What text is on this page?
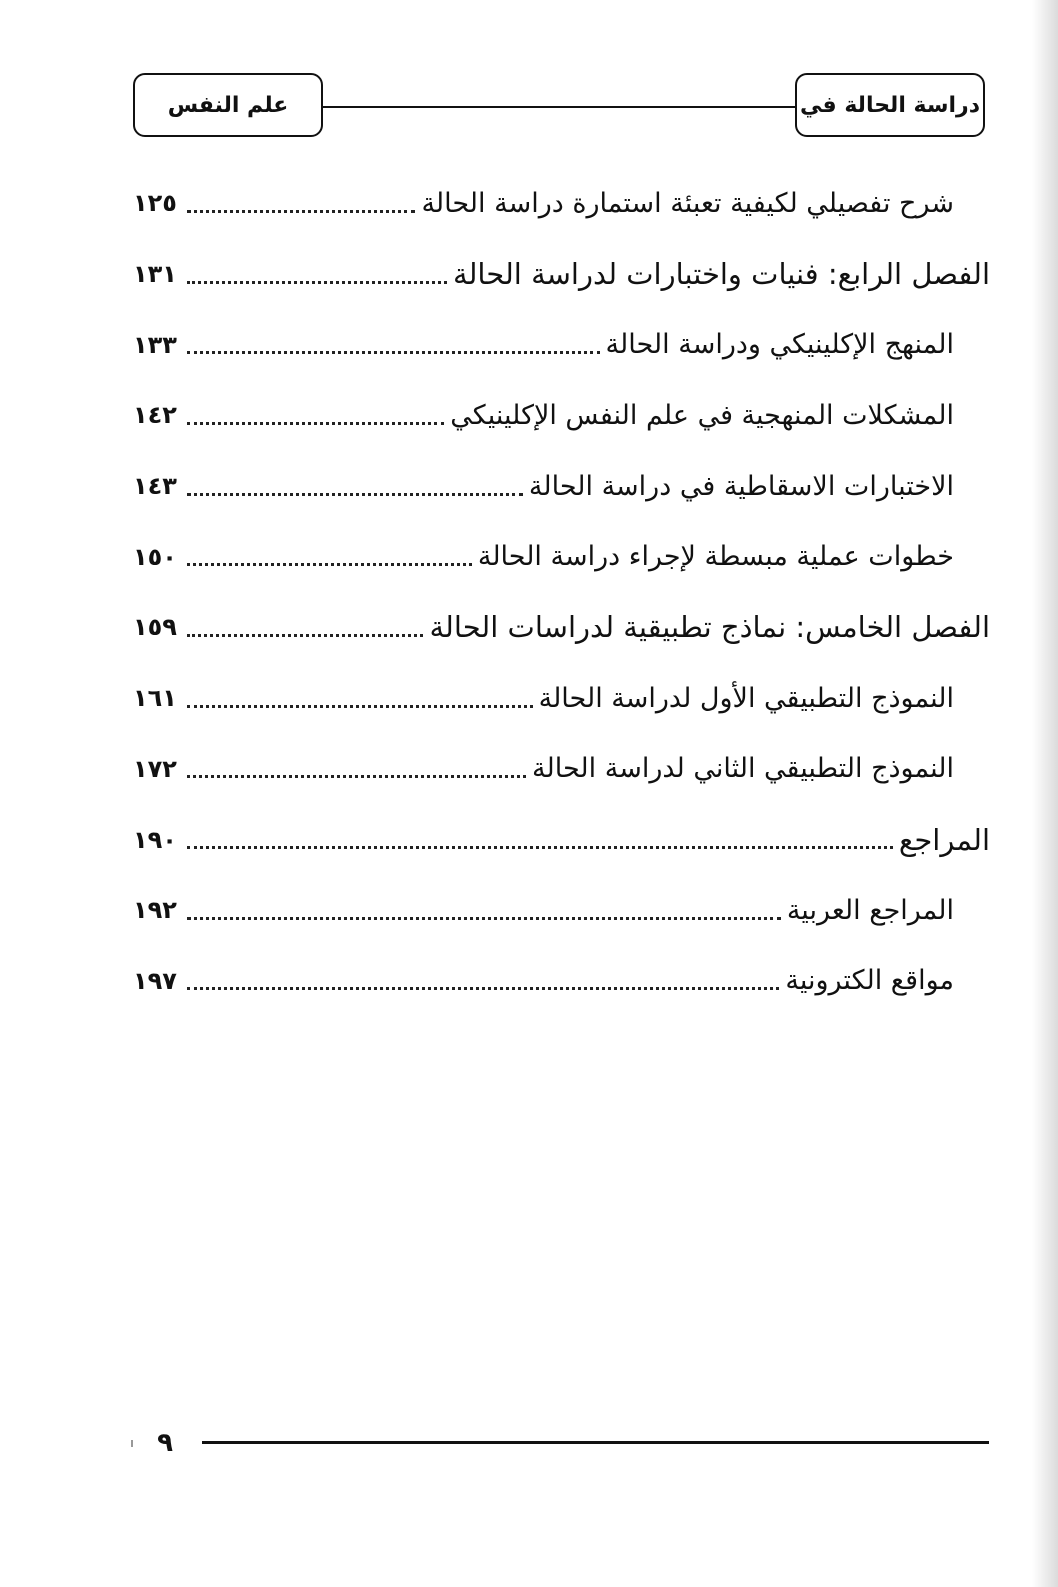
علم النفس	دراسة الحالة في
شرح تفصيلي لكيفية تعبئة استمارة دراسة الحالة
١٢٥
الفصل الرابع: فنيات واختبارات لدراسة الحالة
١٣١
المنهج الإكلينيكي ودراسة الحالة
١٣٣
المشكلات المنهجية في علم النفس الإكلينيكي
١٤٢
الاختبارات الاسقاطية في دراسة الحالة
١٤٣
خطوات عملية مبسطة لإجراء دراسة الحالة
١٥٠
الفصل الخامس: نماذج تطبيقية لدراسات الحالة
١٥٩
النموذج التطبيقي الأول لدراسة الحالة
١٦١
النموذج التطبيقي الثاني لدراسة الحالة
١٧٢
المراجع
١٩٠
المراجع العربية
١٩٢
مواقع الكترونية
١٩٧
٩
